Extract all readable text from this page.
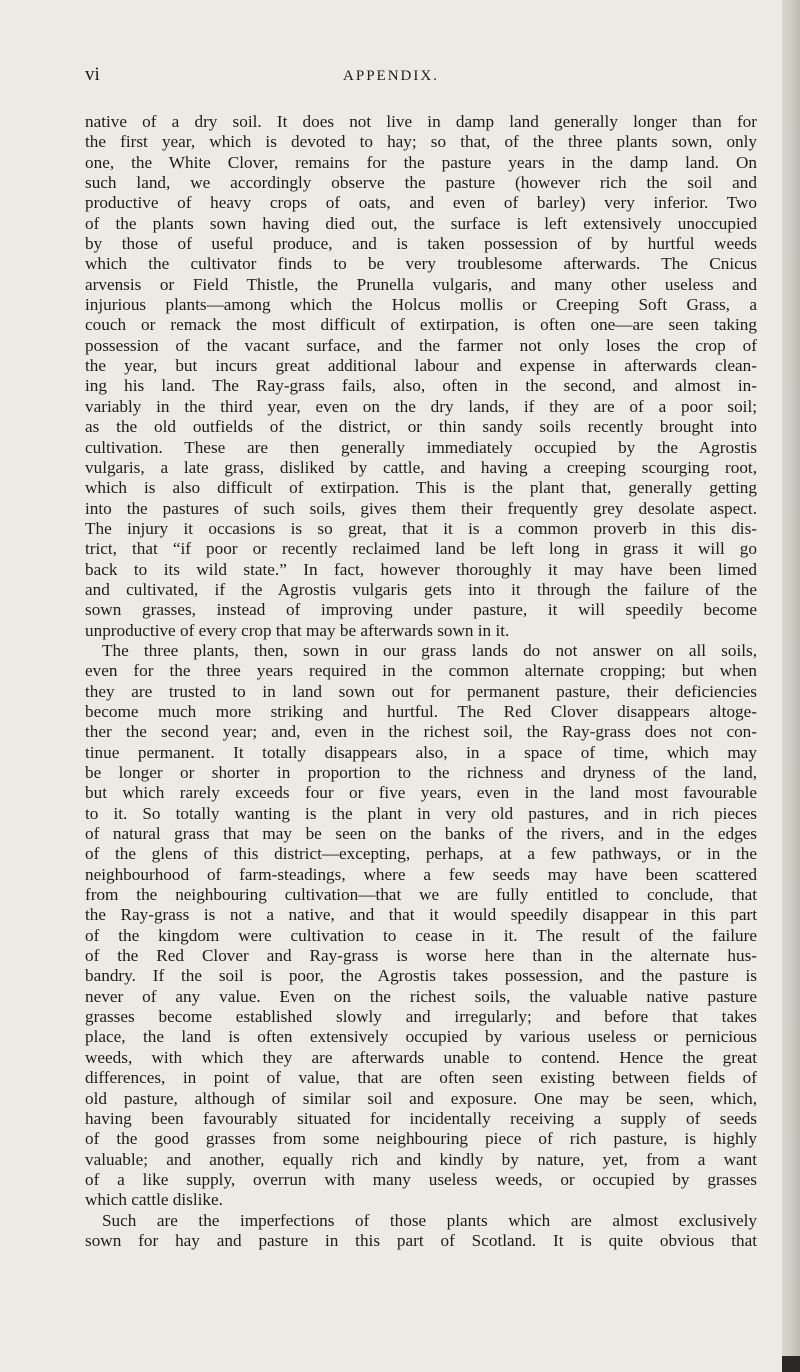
vi	APPENDIX.

native of a dry soil. It does not live in damp land generally longer than for
the first year, which is devoted to hay; so that, of the three plants sown, only
one, the White Clover, remains for the pasture years in the damp land. On
such land, we accordingly observe the pasture (however rich the soil and
productive of heavy crops of oats, and even of barley) very inferior. Two
of the plants sown having died out, the surface is left extensively unoccupied
by those of useful produce, and is taken possession of by hurtful weeds
which the cultivator finds to be very troublesome afterwards. The Cnicus
arvensis or Field Thistle, the Prunella vulgaris, and many other useless and
injurious plants—among which the Holcus mollis or Creeping Soft Grass, a
couch or remack the most difficult of extirpation, is often one—are seen taking
possession of the vacant surface, and the farmer not only loses the crop of
the year, but incurs great additional labour and expense in afterwards clean-
ing his land. The Ray-grass fails, also, often in the second, and almost in-
variably in the third year, even on the dry lands, if they are of a poor soil;
as the old outfields of the district, or thin sandy soils recently brought into
cultivation. These are then generally immediately occupied by the Agrostis
vulgaris, a late grass, disliked by cattle, and having a creeping scourging root,
which is also difficult of extirpation. This is the plant that, generally getting
into the pastures of such soils, gives them their frequently grey desolate aspect.
The injury it occasions is so great, that it is a common proverb in this dis-
trict, that “if poor or recently reclaimed land be left long in grass it will go
back to its wild state.” In fact, however thoroughly it may have been limed
and cultivated, if the Agrostis vulgaris gets into it through the failure of the
sown grasses, instead of improving under pasture, it will speedily become
unproductive of every crop that may be afterwards sown in it.

The three plants, then, sown in our grass lands do not answer on all soils,
even for the three years required in the common alternate cropping; but when
they are trusted to in land sown out for permanent pasture, their deficiencies
become much more striking and hurtful. The Red Clover disappears altoge-
ther the second year; and, even in the richest soil, the Ray-grass does not con-
tinue permanent. It totally disappears also, in a space of time, which may
be longer or shorter in proportion to the richness and dryness of the land,
but which rarely exceeds four or five years, even in the land most favourable
to it. So totally wanting is the plant in very old pastures, and in rich pieces
of natural grass that may be seen on the banks of the rivers, and in the edges
of the glens of this district—excepting, perhaps, at a few pathways, or in the
neighbourhood of farm-steadings, where a few seeds may have been scattered
from the neighbouring cultivation—that we are fully entitled to conclude, that
the Ray-grass is not a native, and that it would speedily disappear in this part
of the kingdom were cultivation to cease in it. The result of the failure
of the Red Clover and Ray-grass is worse here than in the alternate hus-
bandry. If the soil is poor, the Agrostis takes possession, and the pasture is
never of any value. Even on the richest soils, the valuable native pasture
grasses become established slowly and irregularly; and before that takes
place, the land is often extensively occupied by various useless or pernicious
weeds, with which they are afterwards unable to contend. Hence the great
differences, in point of value, that are often seen existing between fields of
old pasture, although of similar soil and exposure. One may be seen, which,
having been favourably situated for incidentally receiving a supply of seeds
of the good grasses from some neighbouring piece of rich pasture, is highly
valuable; and another, equally rich and kindly by nature, yet, from a want
of a like supply, overrun with many useless weeds, or occupied by grasses
which cattle dislike.

Such are the imperfections of those plants which are almost exclusively
sown for hay and pasture in this part of Scotland. It is quite obvious that
